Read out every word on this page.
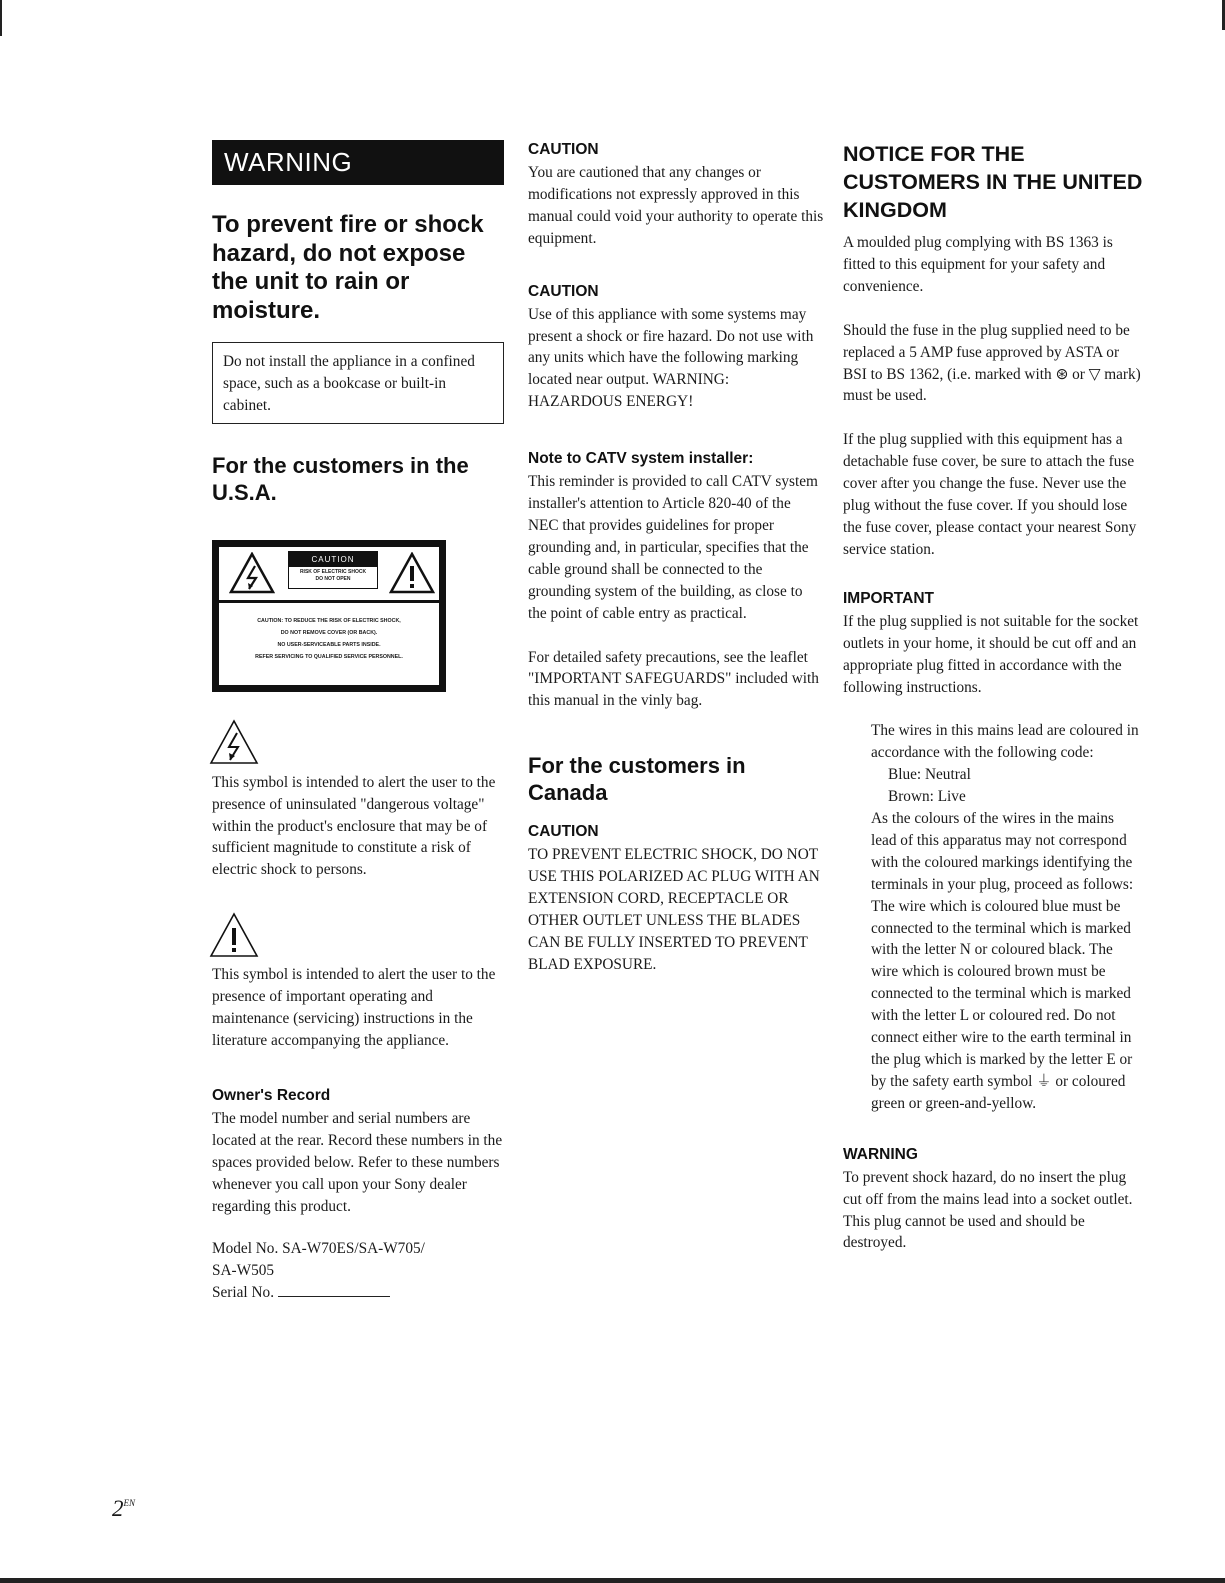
WARNING
To prevent fire or shock hazard, do not expose the unit to rain or moisture.
Do not install the appliance in a confined space, such as a bookcase or built-in cabinet.
For the customers in the U.S.A.
CAUTION
RISK OF ELECTRIC SHOCK
DO NOT OPEN
CAUTION: TO REDUCE THE RISK OF ELECTRIC SHOCK,
DO NOT REMOVE COVER (OR BACK).
NO USER-SERVICEABLE PARTS INSIDE.
REFER SERVICING TO QUALIFIED SERVICE PERSONNEL.

This symbol is intended to alert the user to the presence of uninsulated "dangerous voltage" within the product's enclosure that may be of sufficient magnitude to constitute a risk of electric shock to persons.

This symbol is intended to alert the user to the presence of important operating and maintenance (servicing) instructions in the literature accompanying the appliance.

Owner's Record

The model number and serial numbers are located at the rear. Record these numbers in the spaces provided below. Refer to these numbers whenever you call upon your Sony dealer regarding this product.

Model No. SA-W70ES/SA-W705/

SA-W505

Serial No.

CAUTION

You are cautioned that any changes or modifications not expressly approved in this manual could void your authority to operate this equipment.

CAUTION

Use of this appliance with some systems may present a shock or fire hazard. Do not use with any units which have the following marking located near output. WARNING: HAZARDOUS ENERGY!

Note to CATV system installer:

This reminder is provided to call CATV system installer's attention to Article 820-40 of the NEC that provides guidelines for proper grounding and, in particular, specifies that the cable ground shall be connected to the grounding system of the building, as close to the point of cable entry as practical.

For detailed safety precautions, see the leaflet "IMPORTANT SAFEGUARDS" included with this manual in the vinly bag.

For the customers in Canada
CAUTION

TO PREVENT ELECTRIC SHOCK, DO NOT USE THIS POLARIZED AC PLUG WITH AN EXTENSION CORD, RECEPTACLE OR OTHER OUTLET UNLESS THE BLADES CAN BE FULLY INSERTED TO PREVENT BLAD EXPOSURE.

NOTICE FOR THE CUSTOMERS IN THE UNITED KINGDOM

A moulded plug complying with BS 1363 is fitted to this equipment for your safety and convenience.

Should the fuse in the plug supplied need to be replaced a 5 AMP fuse approved by ASTA or BSI to BS 1362, (i.e. marked with ⊛ or ▽ mark) must be used.

If the plug supplied with this equipment has a detachable fuse cover, be sure to attach the fuse cover after you change the fuse. Never use the plug without the fuse cover. If you should lose the fuse cover, please contact your nearest Sony service station.

IMPORTANT

If the plug supplied is not suitable for the socket outlets in your home, it should be cut off and an appropriate plug fitted in accordance with the following instructions.

The wires in this mains lead are coloured in accordance with the following code:

Blue: Neutral

Brown: Live

As the colours of the wires in the mains lead of this apparatus may not correspond with the coloured markings identifying the terminals in your plug, proceed as follows: The wire which is coloured blue must be connected to the terminal which is marked with the letter N or coloured black. The wire which is coloured brown must be connected to the terminal which is marked with the letter L or coloured red. Do not connect either wire to the earth terminal in the plug which is marked by the letter E or by the safety earth symbol ⏚ or coloured green or green-and-yellow.

WARNING

To prevent shock hazard, do no insert the plug cut off from the mains lead into a socket outlet. This plug cannot be used and should be destroyed.

$2^{EN}$
